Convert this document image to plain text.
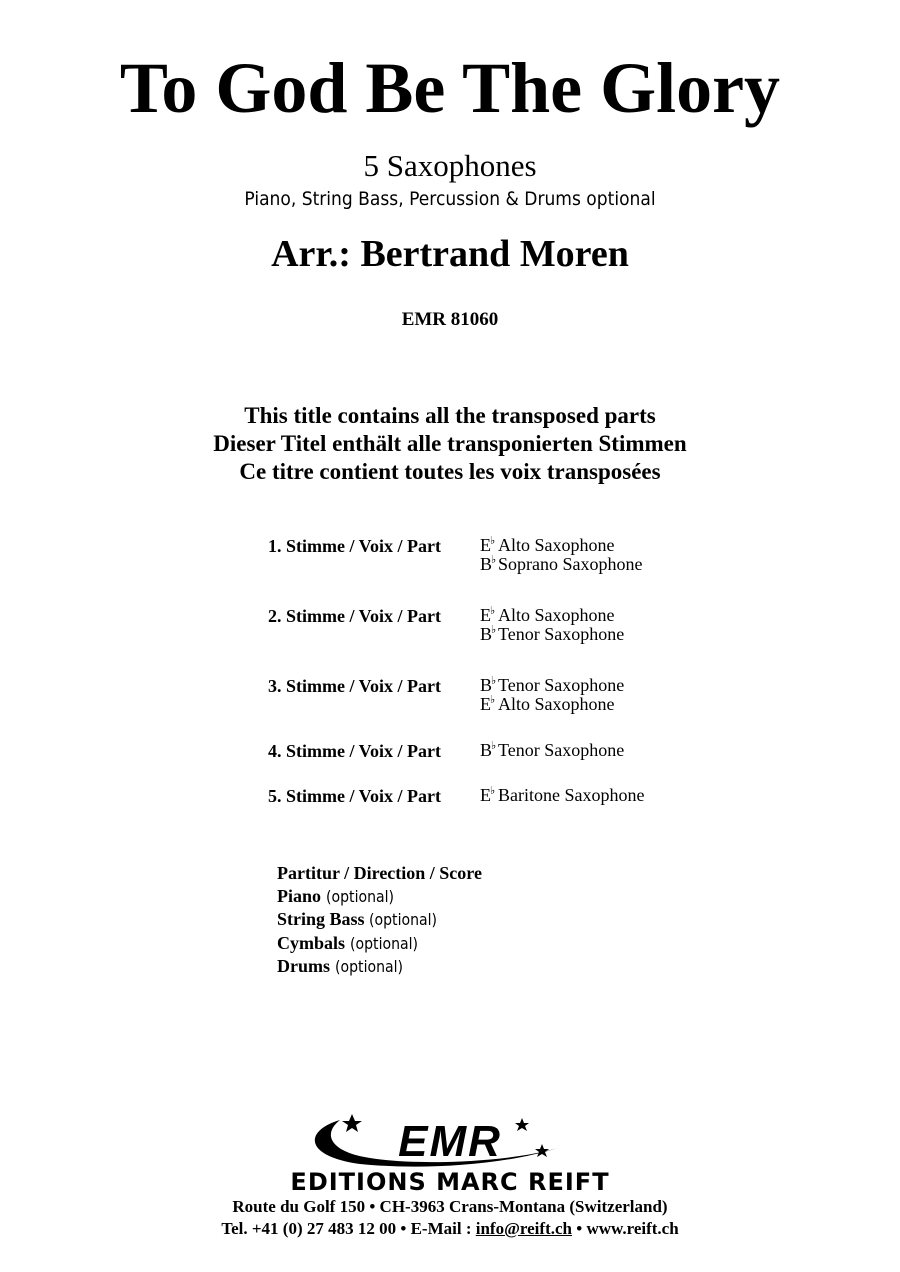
To God Be The Glory
5 Saxophones
Piano, String Bass, Percussion & Drums optional
Arr.: Bertrand Moren
EMR 81060
This title contains all the transposed parts
Dieser Titel enthält alle transponierten Stimmen
Ce titre contient toutes les voix transposées
1. Stimme / Voix / Part E♭ Alto Saxophone
B♭Soprano Saxophone
2. Stimme / Voix / Part E♭ Alto Saxophone
B♭Tenor Saxophone
3. Stimme / Voix / Part B♭Tenor Saxophone
E♭ Alto Saxophone
4. Stimme / Voix / Part B♭Tenor Saxophone
5. Stimme / Voix / Part E♭ Baritone Saxophone
Partitur / Direction / Score
Piano (optional)
String Bass (optional)
Cymbals (optional)
Drums (optional)
EMR
EDITIONS MARC REIFT
Route du Golf 150 • CH-3963 Crans-Montana (Switzerland)
Tel. +41 (0) 27 483 12 00 • E-Mail : info@reift.ch • www.reift.ch
